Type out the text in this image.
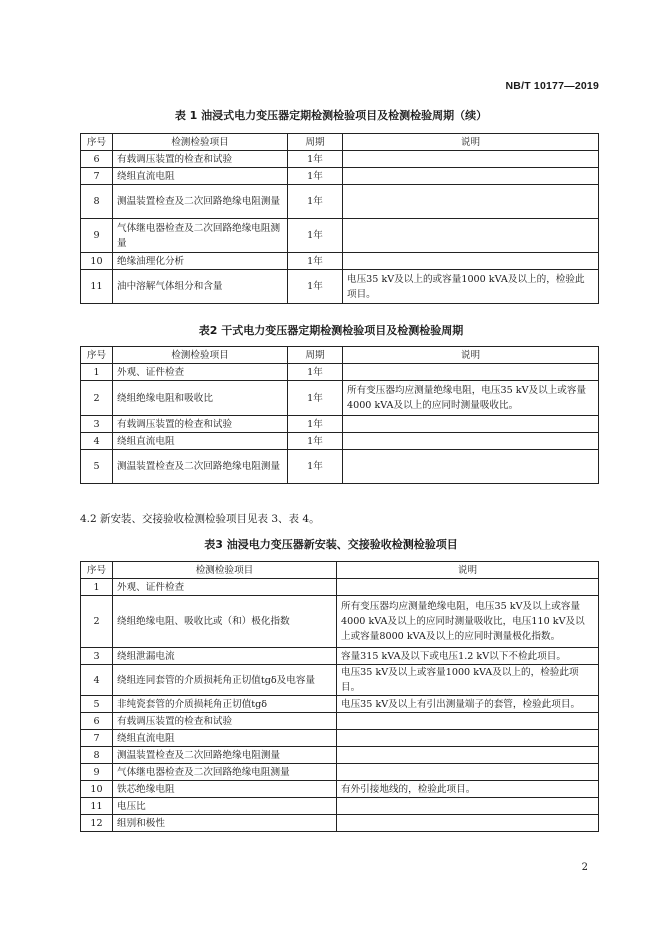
NB/T 10177—2019
表 1 油浸式电力变压器定期检测检验项目及检测检验周期（续）
序号	检测检验项目	周期	说明
6	有载调压装置的检查和试验	1年	
7	绕组直流电阻	1年	
8	测温装置检查及二次回路绝缘电阻测量	1年	
9	气体继电器检查及二次回路绝缘电阻测量	1年	
10	绝缘油理化分析	1年	
11	油中溶解气体组分和含量	1年	电压35 kV及以上的或容量1000 kVA及以上的，检验此项目。
表2 干式电力变压器定期检测检验项目及检测检验周期
序号	检测检验项目	周期	说明
1	外观、证件检查	1年	
2	绕组绝缘电阻和吸收比	1年	所有变压器均应测量绝缘电阻，电压35 kV及以上或容量4000 kVA及以上的应同时测量吸收比。
3	有载调压装置的检查和试验	1年	
4	绕组直流电阻	1年	
5	测温装置检查及二次回路绝缘电阻测量	1年	
4.2 新安装、交接验收检测检验项目见表 3、表 4。
表3 油浸电力变压器新安装、交接验收检测检验项目
序号	检测检验项目	说明
1	外观、证件检查	
2	绕组绝缘电阻、吸收比或（和）极化指数	所有变压器均应测量绝缘电阻，电压35 kV及以上或容量4000 kVA及以上的应同时测量吸收比，电压110 kV及以上或容量8000 kVA及以上的应同时测量极化指数。
3	绕组泄漏电流	容量315 kVA及以下或电压1.2 kV以下不检此项目。
4	绕组连同套管的介质损耗角正切值tgδ及电容量	电压35 kV及以上或容量1000 kVA及以上的，检验此项目。
5	非纯瓷套管的介质损耗角正切值tgδ	电压35 kV及以上有引出测量端子的套管，检验此项目。
6	有载调压装置的检查和试验	
7	绕组直流电阻	
8	测温装置检查及二次回路绝缘电阻测量	
9	气体继电器检查及二次回路绝缘电阻测量	
10	铁芯绝缘电阻	有外引接地线的，检验此项目。
11	电压比	
12	组别和极性	
2
